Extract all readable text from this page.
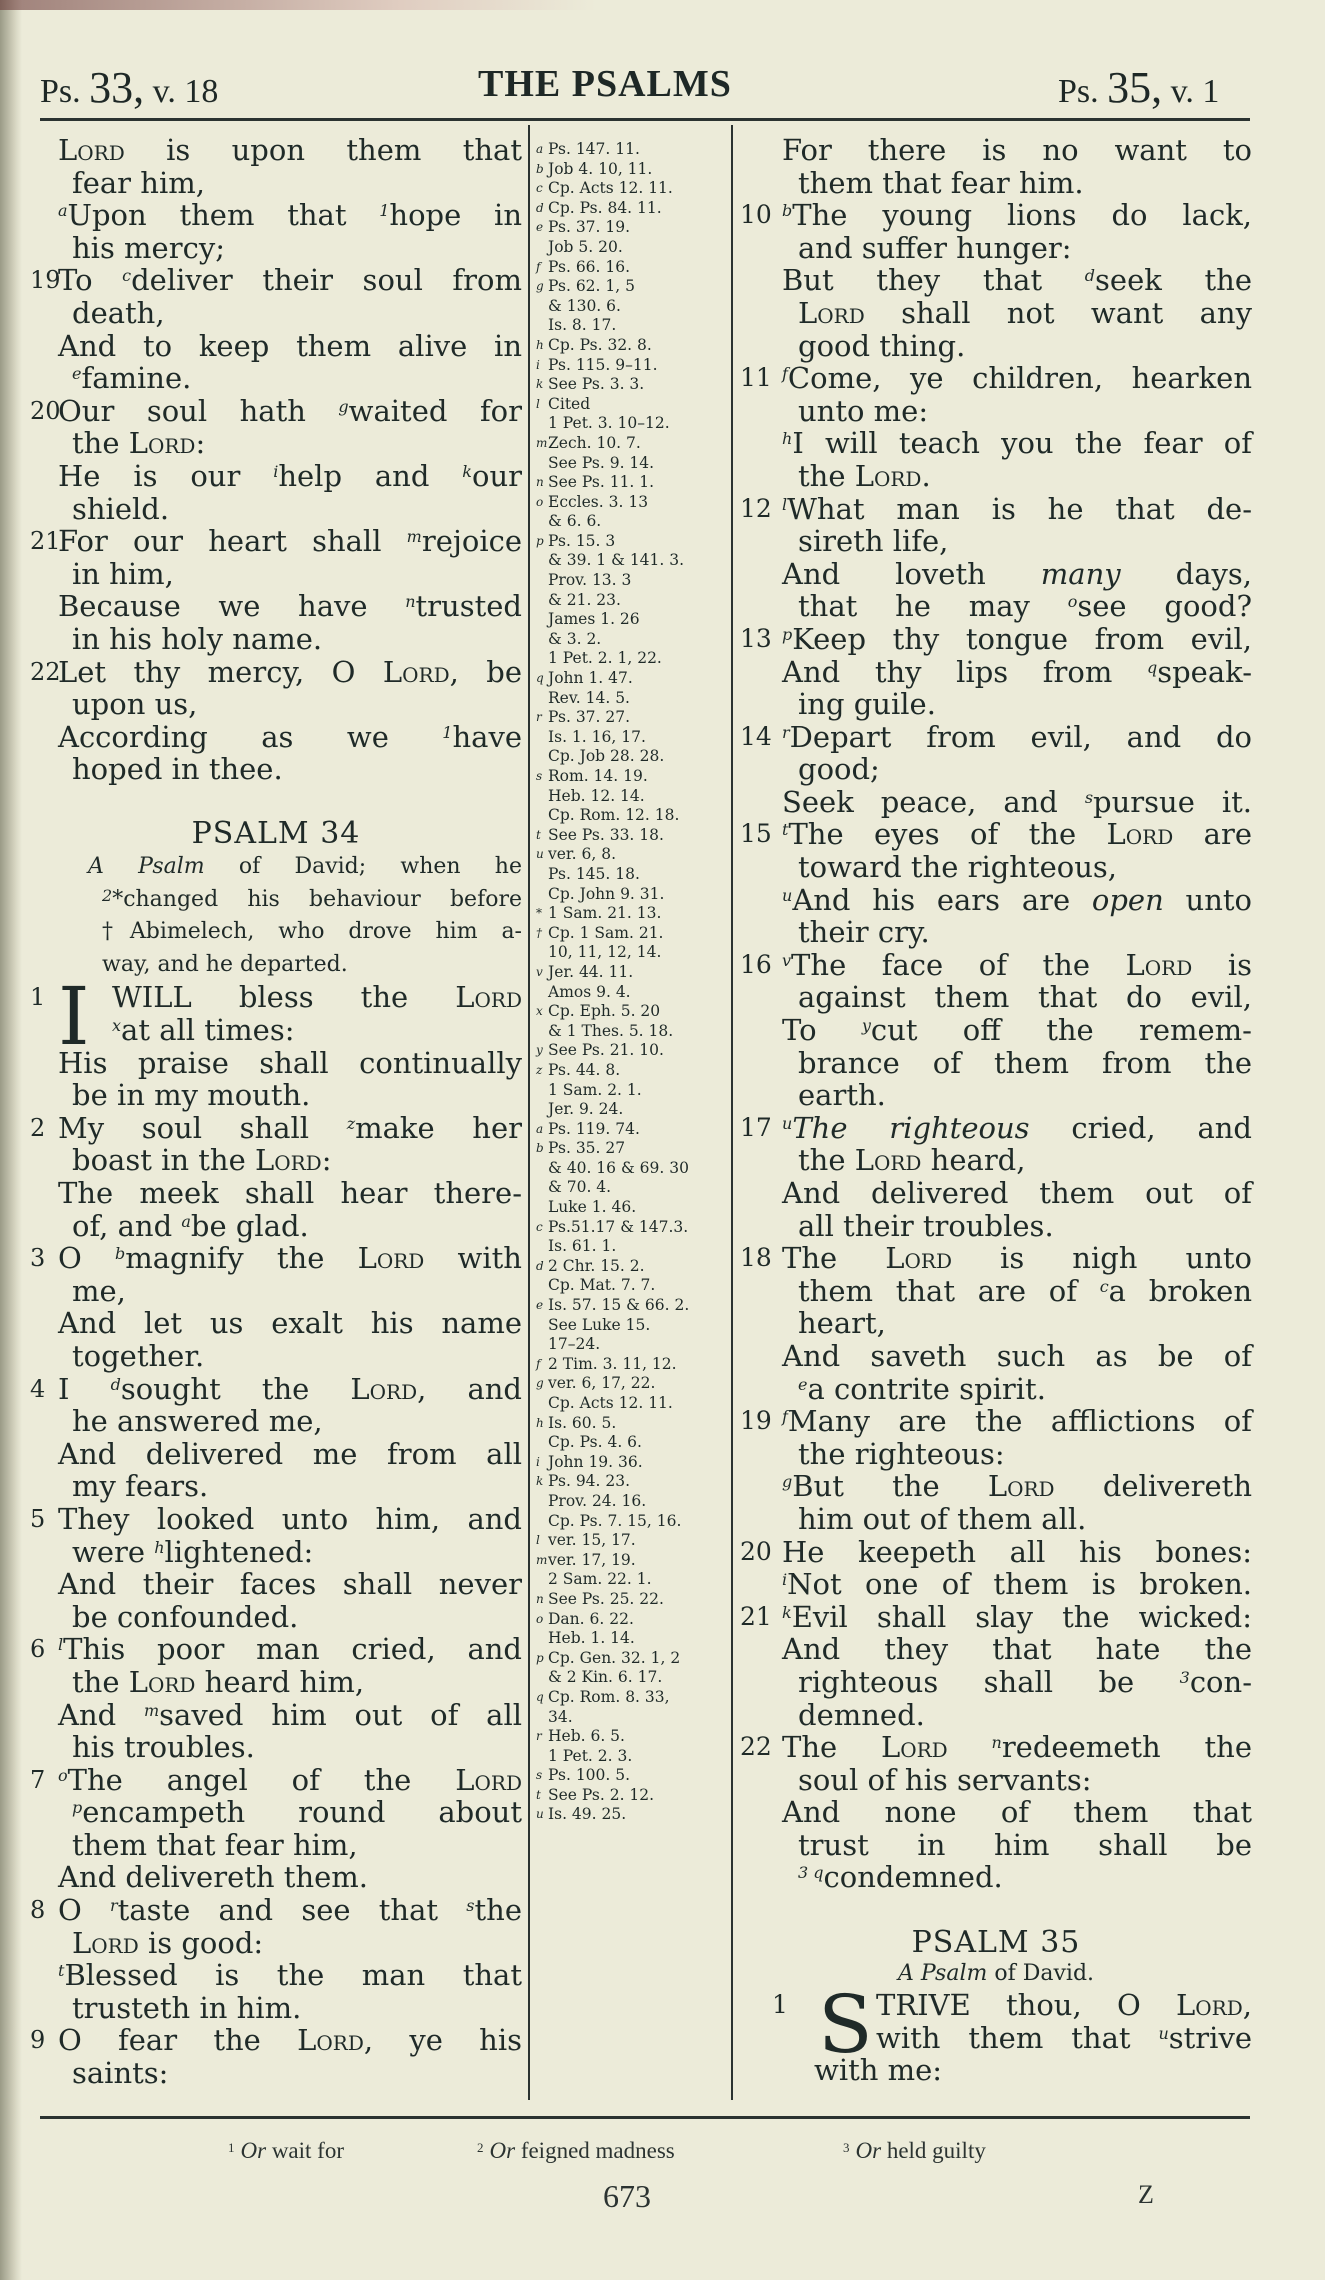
Ps. 33, v. 18	THE PSALMS	Ps. 35, v. 1
Lord is upon them that
fear him,
$^a$Upon them that $^1$hope in
his mercy;
19
To $^c$deliver their soul from
death,
And to keep them alive in
$^e$famine.
20
Our soul hath $^g$waited for
the Lord:
He is our $^i$help and $^k$our
shield.
21
For our heart shall $^m$rejoice
in him,
Because we have $^n$trusted
in his holy name.
22
Let thy mercy, O Lord, be
upon us,
According as we $^1$have
hoped in thee.

PSALM 34
A Psalm of David; when he
$^2$*changed his behaviour before
†Abimelech, who drove him a-
way, and he departed.
1 I WILL bless the Lord
$^x$at all times:
His praise shall continually
be in my mouth.
2 My soul shall $^z$make her
boast in the Lord:
The meek shall hear there-
of, and $^a$be glad.
3 O $^b$magnify the Lord with
me,
And let us exalt his name
together.
4 I $^d$sought the Lord, and
he answered me,
And delivered me from all
my fears.
5 They looked unto him, and
were $^h$lightened:
And their faces shall never
be confounded.
6 $^l$This poor man cried, and
the Lord heard him,
And $^m$saved him out of all
his troubles.
7 $^o$The angel of the Lord
$^p$encampeth round about
them that fear him,
And delivereth them.
8 O $^r$taste and see that $^s$the
Lord is good:
$^t$Blessed is the man that
trusteth in him.
9 O fear the Lord, ye his
saints:
a Ps. 147. 11.
b Job 4. 10, 11.
c Cp. Acts 12. 11.
d Cp. Ps. 84. 11.
e Ps. 37. 19.
Job 5. 20.
f Ps. 66. 16.
g Ps. 62. 1, 5
& 130. 6.
Is. 8. 17.
h Cp. Ps. 32. 8.
i Ps. 115. 9–11.
k See Ps. 3. 3.
l Cited
1 Pet. 3. 10–12.
mZech. 10. 7.
See Ps. 9. 14.
n See Ps. 11. 1.
o Eccles. 3. 13
& 6. 6.
p Ps. 15. 3
& 39. 1 & 141. 3.
Prov. 13. 3
& 21. 23.
James 1. 26
& 3. 2.
1 Pet. 2. 1, 22.
q John 1. 47.
Rev. 14. 5.
r Ps. 37. 27.
Is. 1. 16, 17.
Cp. Job 28. 28.
s Rom. 14. 19.
Heb. 12. 14.
Cp. Rom. 12. 18.
t See Ps. 33. 18.
u ver. 6, 8.
Ps. 145. 18.
Cp. John 9. 31.
* 1 Sam. 21. 13.
† Cp. 1 Sam. 21.
10, 11, 12, 14.
v Jer. 44. 11.
Amos 9. 4.
x Cp. Eph. 5. 20
& 1 Thes. 5. 18.
y See Ps. 21. 10.
z Ps. 44. 8.
1 Sam. 2. 1.
Jer. 9. 24.
a Ps. 119. 74.
b Ps. 35. 27
& 40. 16 & 69. 30
& 70. 4.
Luke 1. 46.
c Ps.51.17 & 147.3.
Is. 61. 1.
d 2 Chr. 15. 2.
Cp. Mat. 7. 7.
e Is. 57. 15 & 66. 2.
See Luke 15.
17–24.
f 2 Tim. 3. 11, 12.
g ver. 6, 17, 22.
Cp. Acts 12. 11.
h Is. 60. 5.
Cp. Ps. 4. 6.
i John 19. 36.
k Ps. 94. 23.
Prov. 24. 16.
Cp. Ps. 7. 15, 16.
l ver. 15, 17.
mver. 17, 19.
2 Sam. 22. 1.
n See Ps. 25. 22.
o Dan. 6. 22.
Heb. 1. 14.
p Cp. Gen. 32. 1, 2
& 2 Kin. 6. 17.
q Cp. Rom. 8. 33,
34.
r Heb. 6. 5.
1 Pet. 2. 3.
s Ps. 100. 5.
t See Ps. 2. 12.
u Is. 49. 25.
For there is no want to
them that fear him.
10 $^b$The young lions do lack,
and suffer hunger:
But they that $^d$seek the
Lord shall not want any
good thing.
11 $^f$Come, ye children, hearken
unto me:
$^h$I will teach you the fear of
the Lord.
12 $^l$What man is he that de-
sireth life,
And loveth many days,
that he may $^o$see good?
13 $^p$Keep thy tongue from evil,
And thy lips from $^q$speak-
ing guile.
14 $^r$Depart from evil, and do
good;
Seek peace, and $^s$pursue it.
15 $^t$The eyes of the Lord are
toward the righteous,
$^u$And his ears are open unto
their cry.
16 $^v$The face of the Lord is
against them that do evil,
To $^y$cut off the remem-
brance of them from the
earth.
17 $^u$The righteous cried, and
the Lord heard,
And delivered them out of
all their troubles.
18 The Lord is nigh unto
them that are of $^c$a broken
heart,
And saveth such as be of
$^e$a contrite spirit.
19 $^f$Many are the afflictions of
the righteous:
$^g$But the Lord delivereth
him out of them all.
20 He keepeth all his bones:
$^i$Not one of them is broken.
21 $^k$Evil shall slay the wicked:
And they that hate the
righteous shall be $^3$con-
demned.
22 The Lord	$^n$redeemeth the
soul of his servants:
And none of them that
trust in him shall be
$^{3 q}$condemned.

PSALM 35
A Psalm of David.
1 S TRIVE thou, O Lord,
with them that $^u$strive
with me:
$^1$ Or wait for	$^2$ Or feigned madness	$^3$ Or held guilty
673	Z
